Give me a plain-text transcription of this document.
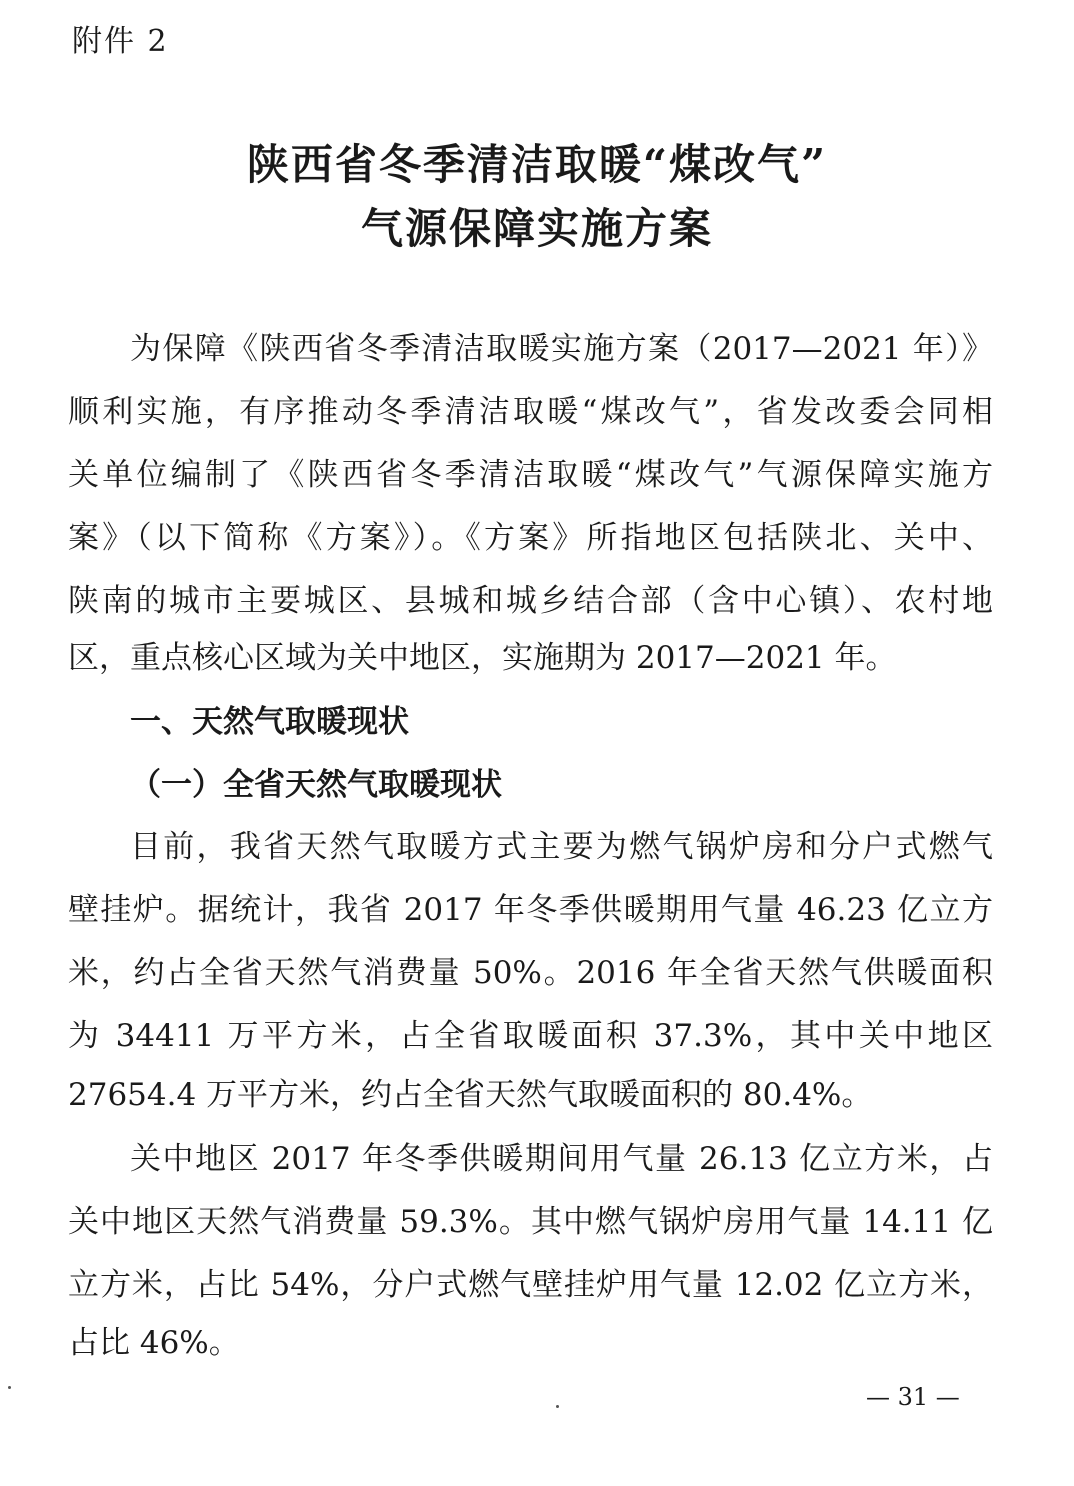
附件 2
陕西省冬季清洁取暖“煤改气”
气源保障实施方案
为保障《陕西省冬季清洁取暖实施方案（2017—2021 年）》
顺利实施，有序推动冬季清洁取暖“煤改气”，省发改委会同相
关单位编制了《陕西省冬季清洁取暖“煤改气”气源保障实施方
案》（以下简称《方案》）。《方案》所指地区包括陕北、关中、
陕南的城市主要城区、县城和城乡结合部（含中心镇）、农村地
区，重点核心区域为关中地区，实施期为 2017—2021 年。
一、天然气取暖现状
（一）全省天然气取暖现状
目前，我省天然气取暖方式主要为燃气锅炉房和分户式燃气
壁挂炉。据统计，我省 2017 年冬季供暖期用气量 46.23 亿立方
米，约占全省天然气消费量 50%。2016 年全省天然气供暖面积
为 34411 万平方米，占全省取暖面积 37.3%，其中关中地区
27654.4 万平方米，约占全省天然气取暖面积的 80.4%。
关中地区 2017 年冬季供暖期间用气量 26.13 亿立方米，占
关中地区天然气消费量 59.3%。其中燃气锅炉房用气量 14.11 亿
立方米，占比 54%，分户式燃气壁挂炉用气量 12.02 亿立方米，
占比 46%。
— 31 —
